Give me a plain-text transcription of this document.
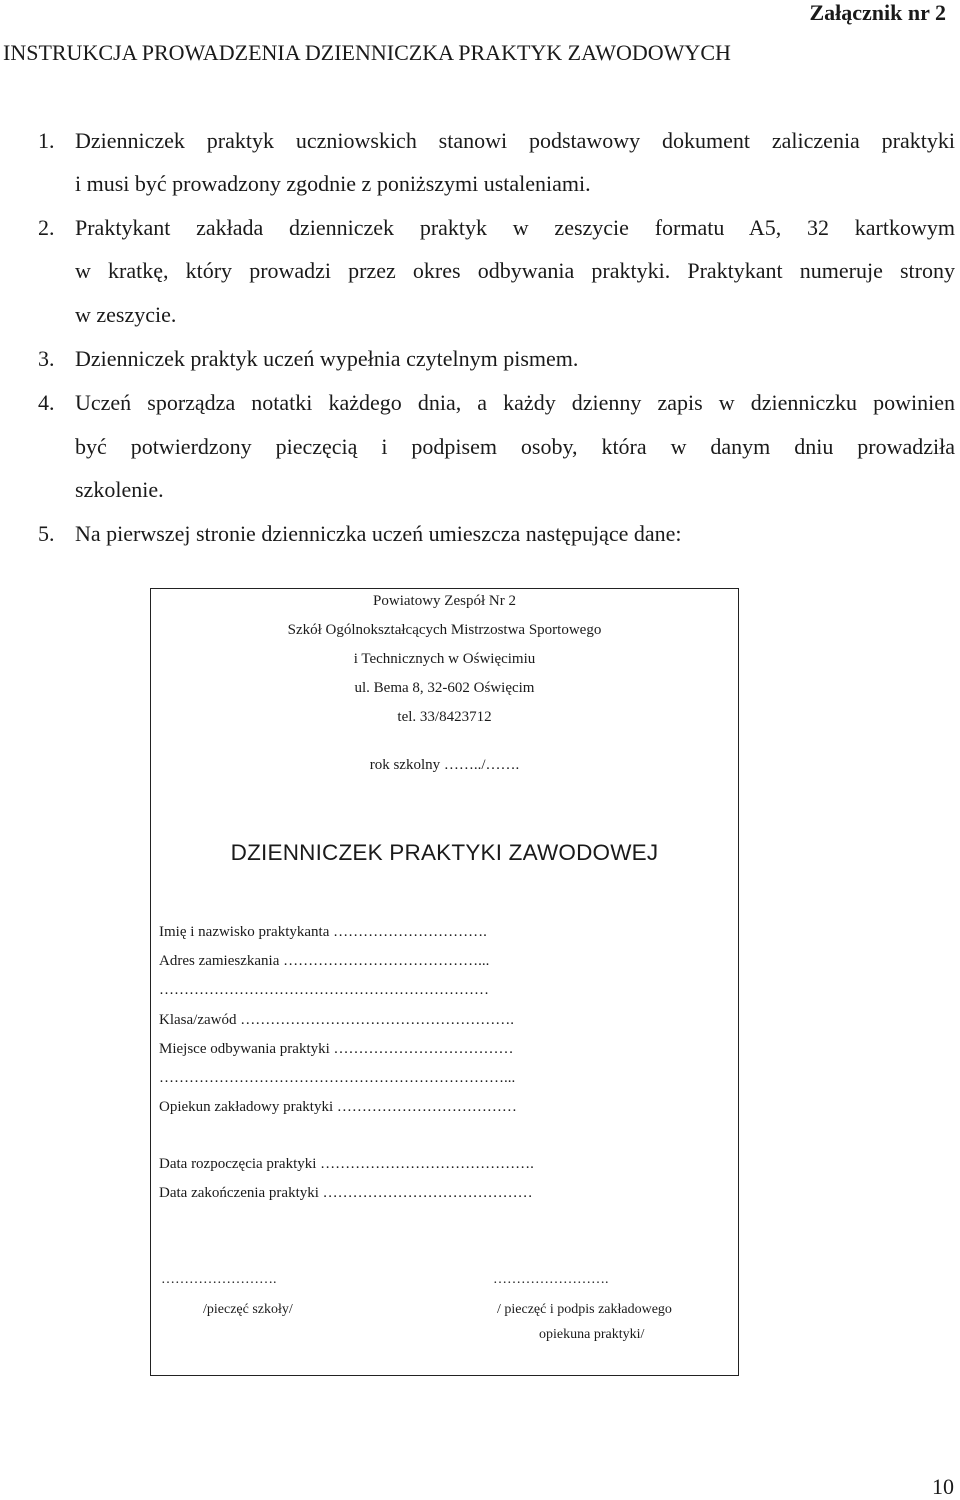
Załącznik nr 2
INSTRUKCJA PROWADZENIA DZIENNICZKA PRAKTYK ZAWODOWYCH
1. Dzienniczek praktyk uczniowskich stanowi podstawowy dokument zaliczenia praktyki
i musi być prowadzony zgodnie z poniższymi ustaleniami.
2. Praktykant zakłada dzienniczek praktyk w zeszycie formatu A5, 32 kartkowym
w kratkę, który prowadzi przez okres odbywania praktyki. Praktykant numeruje strony
w zeszycie.
3. Dzienniczek praktyk uczeń wypełnia czytelnym pismem.
4. Uczeń sporządza notatki każdego dnia, a każdy dzienny zapis w dzienniczku powinien
być potwierdzony pieczęcią i podpisem osoby, która w danym dniu prowadziła
szkolenie.
5. Na pierwszej stronie dzienniczka uczeń umieszcza następujące dane:
Powiatowy Zespół Nr 2
Szkół Ogólnokształcących Mistrzostwa Sportowego
i Technicznych w Oświęcimiu
ul. Bema 8, 32-602 Oświęcim
tel. 33/8423712
rok szkolny ……../…….
DZIENNICZEK PRAKTYKI ZAWODOWEJ
Imię i nazwisko praktykanta ………………………….
Adres zamieszkania …………………………………...
…………………………………………………………
Klasa/zawód ……………………………………………….
Miejsce odbywania praktyki ………………………………
……………………………………………………………...
Opiekun zakładowy praktyki ………………………………
Data rozpoczęcia praktyki …………………………………….
Data zakończenia praktyki ……………………………………
…………………….	…………………….
/pieczęć szkoły/	/ pieczęć i podpis zakładowego
opiekuna praktyki/
10
